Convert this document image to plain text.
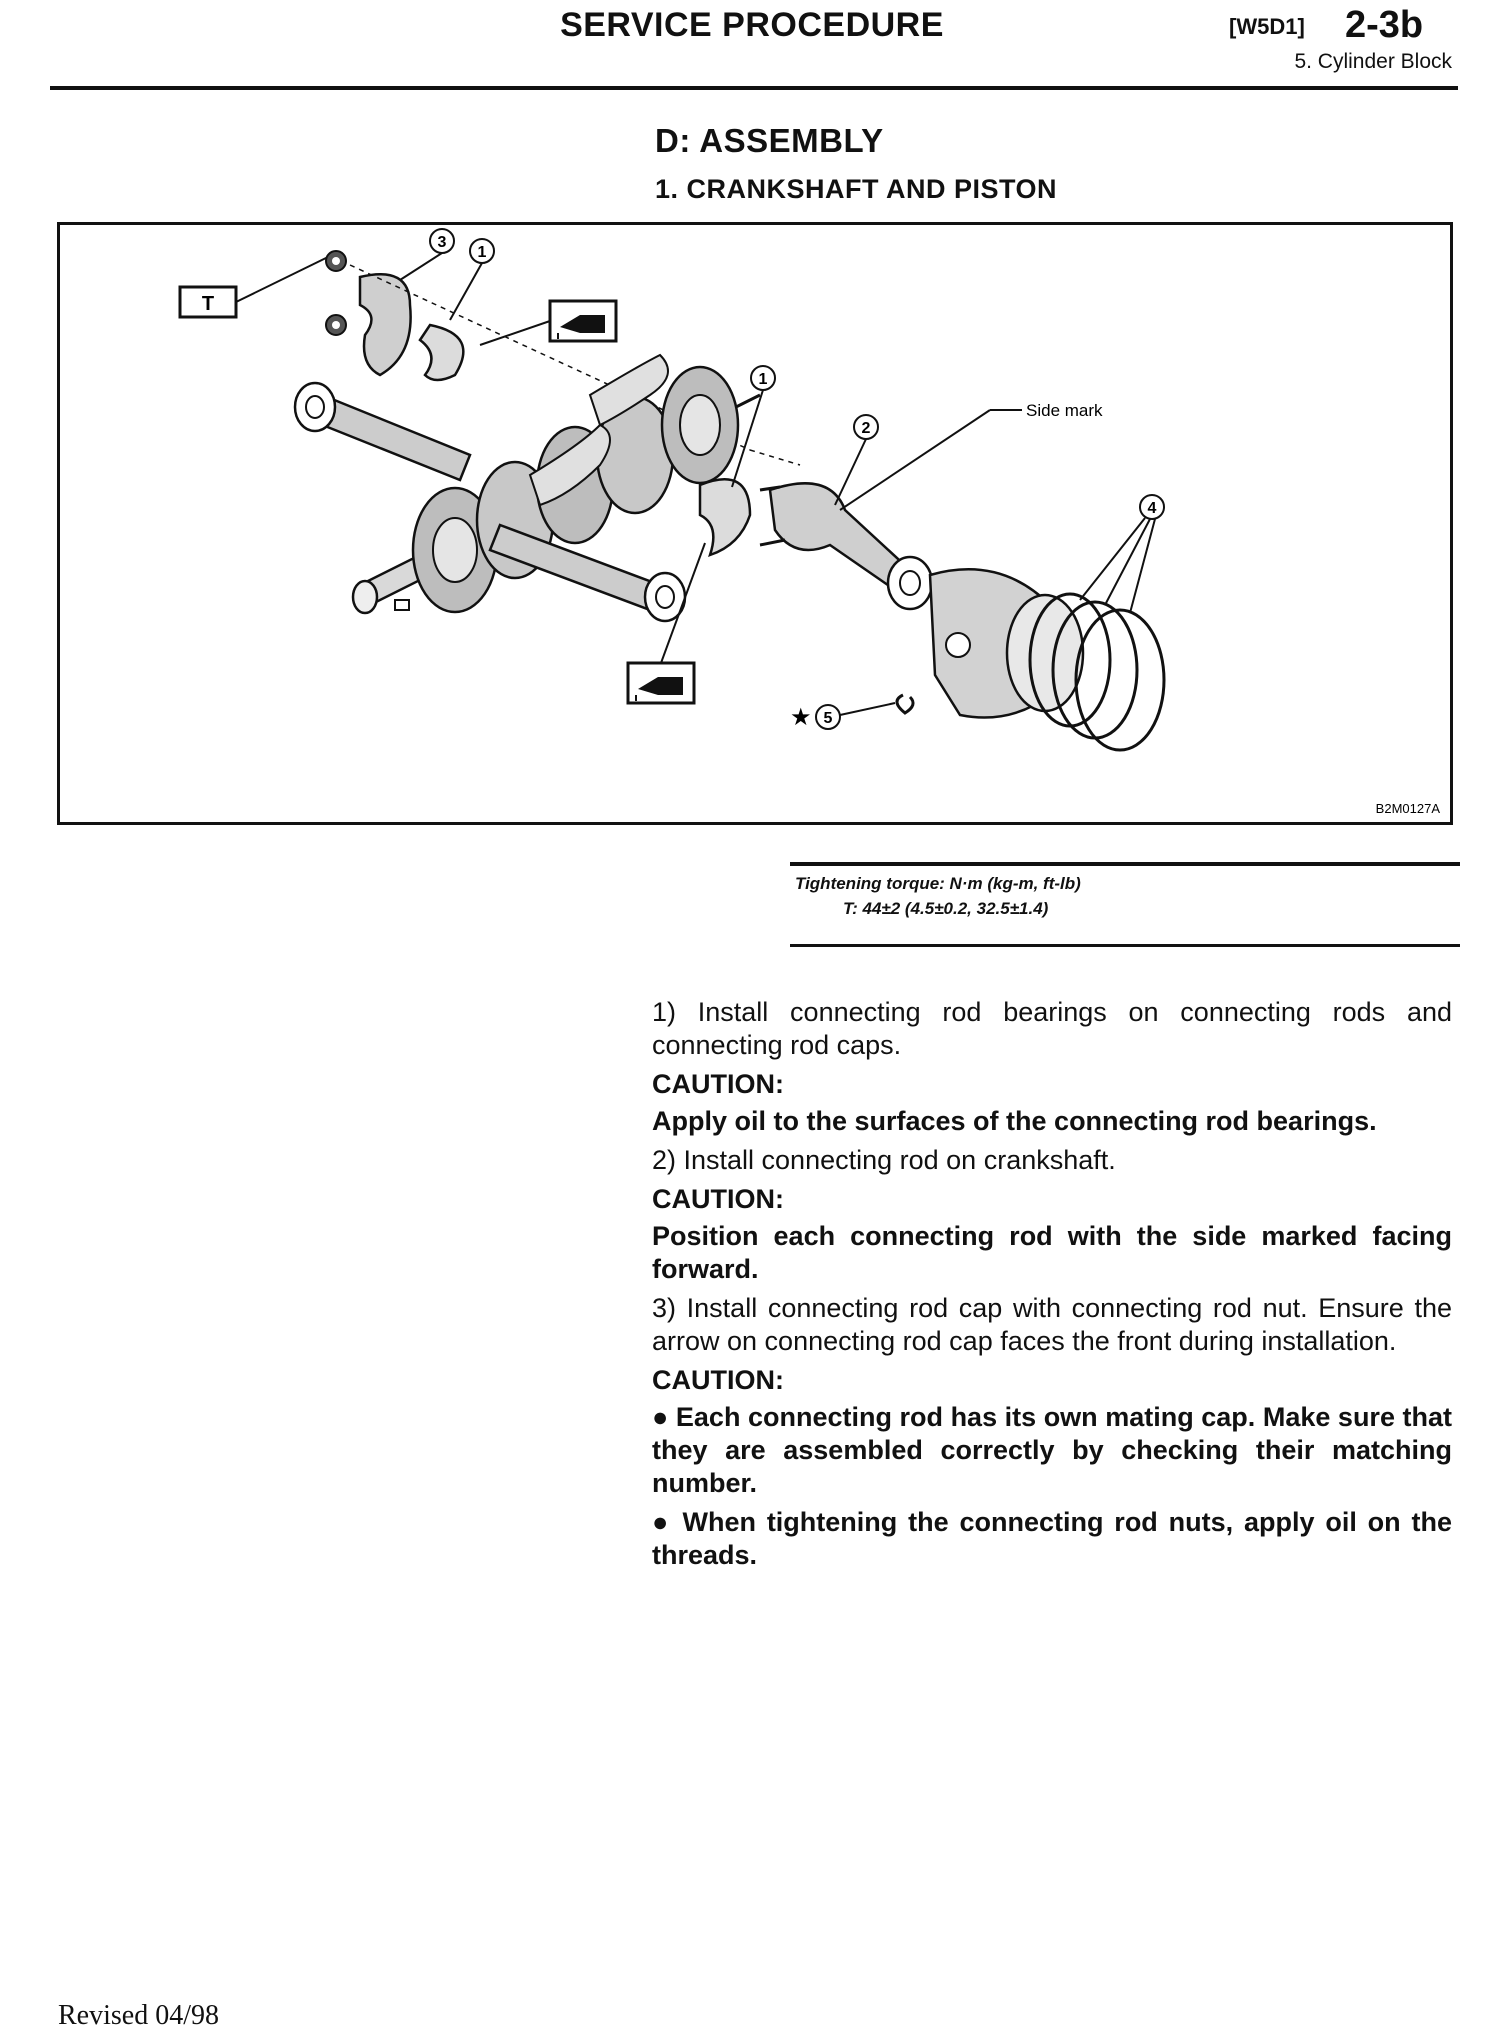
SERVICE PROCEDURE	[W5D1] 2-3b
5. Cylinder Block
D: ASSEMBLY
1. CRANKSHAFT AND PISTON
T
3
1
1
2
Side mark
4
★ 5
B2M0127A
Tightening torque: N·m (kg-m, ft-lb)
T: 44±2 (4.5±0.2, 32.5±1.4)

1) Install connecting rod bearings on connecting rods and connecting rod caps.

CAUTION:

Apply oil to the surfaces of the connecting rod bearings.

2) Install connecting rod on crankshaft.

CAUTION:

Position each connecting rod with the side marked facing forward.

3) Install connecting rod cap with connecting rod nut. Ensure the arrow on connecting rod cap faces the front during installation.

CAUTION:

● Each connecting rod has its own mating cap. Make sure that they are assembled correctly by checking their matching number.

● When tightening the connecting rod nuts, apply oil on the threads.

Revised 04/98
